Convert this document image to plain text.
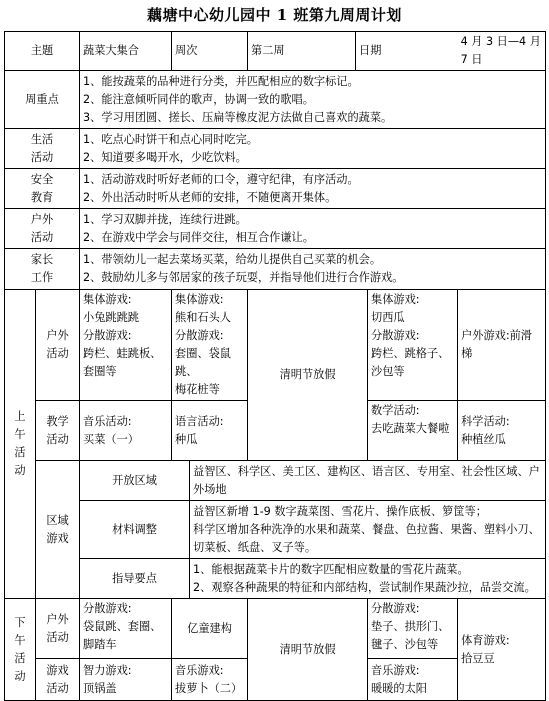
藕塘中心幼儿园中 1 班第九周周计划
主题		蔬菜大集合	周次		第二周	日期		4 月 3 日—4 月 7 日
周重点		1、能按蔬菜的品种进行分类，并匹配相应的数字标记。
2、能注意倾听同伴的歌声，协调一致的歌唱。
3、学习用团圆、搓长、压扁等橡皮泥方法做自己喜欢的蔬菜。						

生活
活动		1、吃点心时饼干和点心同时吃完。
2、知道要多喝开水，少吃饮料。						

安全
教育		1、活动游戏时听好老师的口令，遵守纪律，有序活动。
2、外出活动时听从老师的安排，不随便离开集体。						

户外
活动		1、学习双脚并拢，连续行进跳。
2、在游戏中学会与同伴交往，相互合作谦让。						

家长
工作		1、带领幼儿一起去菜场买菜，给幼儿提供自己买菜的机会。
2、鼓励幼儿多与邻居家的孩子玩耍，并指导他们进行合作游戏。						

上
午
活
动	户外
活动	集体游戏:
小兔跳跳跳
分散游戏:
跨栏、蛙跳板、
套圈等	集体游戏:
熊和石头人
分散游戏:
套圈、袋鼠跳、
梅花桩等		清明节放假		集体游戏:
切西瓜
分散游戏:
跨栏、跳格子、
沙包等	户外游戏:前滑梯

	教学
活动	音乐活动:
买菜（一）	语言活动:
种瓜				数学活动:
去吃蔬菜大餐啦	科学活动:
种植丝瓜

	区域
游戏	开放区域		益智区、科学区、美工区、建构区、语言区、专用室、社会性区域、户外场地				
		材料调整		益智区新增 1-9 数字蔬菜图、雪花片、操作底板、箩筐等；
科学区增加各种洗净的水果和蔬菜、餐盘、色拉酱、果酱、塑料小刀、切菜板、纸盘、叉子等。				
		指导要点		1、能根据蔬菜卡片的数字匹配相应数量的雪花片蔬菜。
2、观察各种蔬果的特征和内部结构，尝试制作果蔬沙拉，品尝交流。				

下
午
活
动	户外
活动	分散游戏:
袋鼠跳、套圈、
脚踏车	亿童建构		清明节放假		分散游戏:
垫子、拱形门、
毽子、沙包等	体育游戏:
拾豆豆

	游戏
活动	智力游戏:
顶锅盖	音乐游戏:
拔萝卜（二）				音乐游戏:
暖暖的太阳	
